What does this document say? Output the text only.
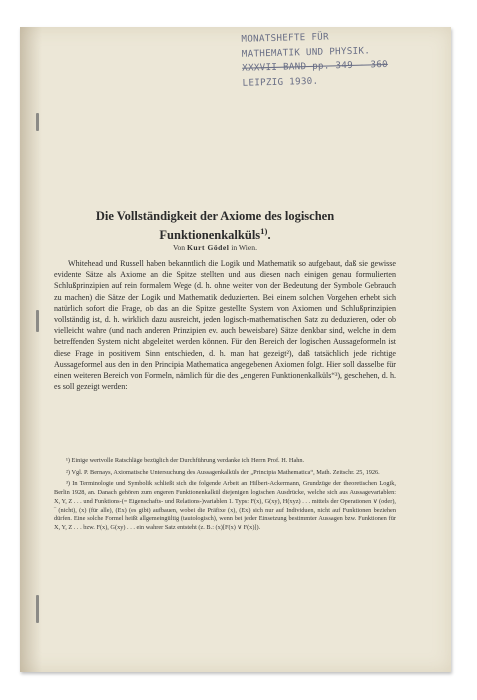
MONATSHEFTE FÜR
MATHEMATIK UND PHYSIK.
XXXVII BAND pp. 349 - 360
LEIPZIG 1930.
Die Vollständigkeit der Axiome des logischen
Funktionenkalküls$^{1)}$.
Von Kurt Gödel in Wien.

Whitehead und Russell haben bekanntlich die Logik und Mathematik so aufgebaut, daß sie gewisse evidente Sätze als Axiome an die Spitze stellten und aus diesen nach einigen genau formulierten Schlußprinzipien auf rein formalem Wege (d. h. ohne weiter von der Bedeutung der Symbole Gebrauch zu machen) die Sätze der Logik und Mathematik deduzierten. Bei einem solchen Vorgehen erhebt sich natürlich sofort die Frage, ob das an die Spitze gestellte System von Axiomen und Schlußprinzipien vollständig ist, d. h. wirklich dazu ausreicht, jeden logisch-mathematischen Satz zu deduzieren, oder ob vielleicht wahre (und nach anderen Prinzipien ev. auch beweisbare) Sätze denkbar sind, welche in dem betreffenden System nicht abgeleitet werden können. Für den Bereich der logischen Aussageformeln ist diese Frage in positivem Sinn entschieden, d. h. man hat gezeigt²), daß tatsächlich jede richtige Aussageformel aus den in den Principia Mathematica angegebenen Axiomen folgt. Hier soll dasselbe für einen weiteren Bereich von Formeln, nämlich für die des „engeren Funktionenkalküls“³), geschehen, d. h. es soll gezeigt werden:

¹) Einige wertvolle Ratschläge bezüglich der Durchführung verdanke ich Herrn Prof. H. Hahn.

²) Vgl. P. Bernays, Axiomatische Untersuchung des Aussagenkalküls der „Principia Mathematica“, Math. Zeitschr. 25, 1926.

³) In Terminologie und Symbolik schließt sich die folgende Arbeit an Hilbert-Ackermann, Grundzüge der theoretischen Logik, Berlin 1928, an. Danach gehören zum engeren Funktionenkalkül diejenigen logischen Ausdrücke, welche sich aus Aussagevariablen: X, Y, Z . . . und Funktions-(= Eigenschafts- und Relations-)variablen 1. Typs: F(x), G(xy), H(xyz) . . . mittels der Operationen ∨ (oder), ‾ (nicht), (x) (für alle), (Ex) (es gibt) aufbauen, wobei die Präfixe (x), (Ex) sich nur auf Individuen, nicht auf Funktionen beziehen dürfen. Eine solche Formel heißt allgemeingültig (tautologisch), wenn bei jeder Einsetzung bestimmter Aussagen bzw. Funktionen für X, Y, Z . . . bzw. F(x), G(xy) . . . ein wahrer Satz entsteht (z. B.: (x)[F(x) ∨ F(x)]).
